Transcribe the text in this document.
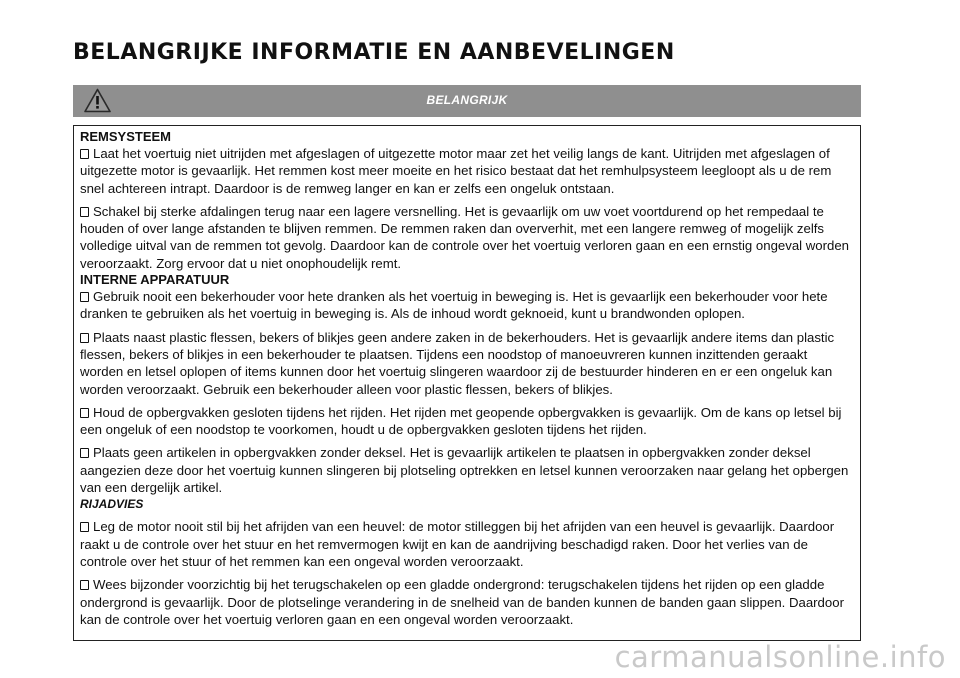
BELANGRIJKE INFORMATIE EN AANBEVELINGEN
BELANGRIJK
REMSYSTEEM

Laat het voertuig niet uitrijden met afgeslagen of uitgezette motor maar zet het veilig langs de kant. Uitrijden met afgeslagen of uitgezette motor is gevaarlijk. Het remmen kost meer moeite en het risico bestaat dat het remhulpsysteem leegloopt als u de rem snel achtereen intrapt. Daardoor is de remweg langer en kan er zelfs een ongeluk ontstaan.

Schakel bij sterke afdalingen terug naar een lagere versnelling. Het is gevaarlijk om uw voet voortdurend op het rempedaal te houden of over lange afstanden te blijven remmen. De remmen raken dan oververhit, met een langere remweg of mogelijk zelfs volledige uitval van de remmen tot gevolg. Daardoor kan de controle over het voertuig verloren gaan en een ernstig ongeval worden veroorzaakt. Zorg ervoor dat u niet onophoudelijk remt.

INTERNE APPARATUUR

Gebruik nooit een bekerhouder voor hete dranken als het voertuig in beweging is. Het is gevaarlijk een bekerhouder voor hete dranken te gebruiken als het voertuig in beweging is. Als de inhoud wordt geknoeid, kunt u brandwonden oplopen.

Plaats naast plastic flessen, bekers of blikjes geen andere zaken in de bekerhouders. Het is gevaarlijk andere items dan plastic flessen, bekers of blikjes in een bekerhouder te plaatsen. Tijdens een noodstop of manoeuvreren kunnen inzittenden geraakt worden en letsel oplopen of items kunnen door het voertuig slingeren waardoor zij de bestuurder hinderen en er een ongeluk kan worden veroorzaakt. Gebruik een bekerhouder alleen voor plastic flessen, bekers of blikjes.

Houd de opbergvakken gesloten tijdens het rijden. Het rijden met geopende opbergvakken is gevaarlijk. Om de kans op letsel bij een ongeluk of een noodstop te voorkomen, houdt u de opbergvakken gesloten tijdens het rijden.

Plaats geen artikelen in opbergvakken zonder deksel. Het is gevaarlijk artikelen te plaatsen in opbergvakken zonder deksel aangezien deze door het voertuig kunnen slingeren bij plotseling optrekken en letsel kunnen veroorzaken naar gelang het opbergen van een dergelijk artikel.

RIJADVIES

Leg de motor nooit stil bij het afrijden van een heuvel: de motor stilleggen bij het afrijden van een heuvel is gevaarlijk. Daardoor raakt u de controle over het stuur en het remvermogen kwijt en kan de aandrijving beschadigd raken. Door het verlies van de controle over het stuur of het remmen kan een ongeval worden veroorzaakt.

Wees bijzonder voorzichtig bij het terugschakelen op een gladde ondergrond: terugschakelen tijdens het rijden op een gladde ondergrond is gevaarlijk. Door de plotselinge verandering in de snelheid van de banden kunnen de banden gaan slippen. Daardoor kan de controle over het voertuig verloren gaan en een ongeval worden veroorzaakt.

carmanualsonline.info
